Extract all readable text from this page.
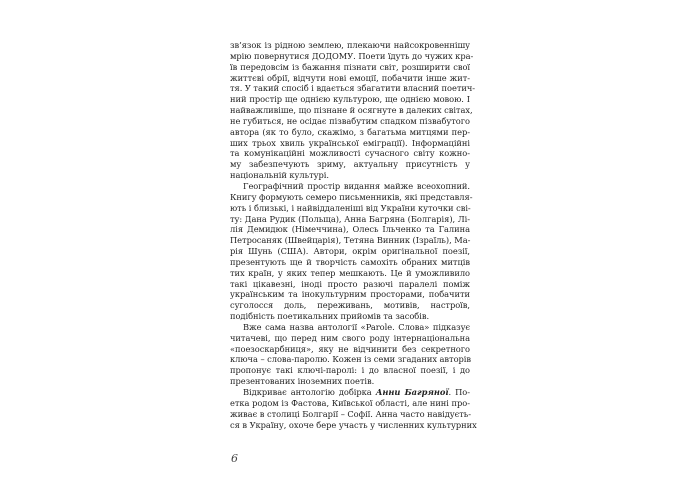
зв’язок із рідною землею, плекаючи найсокровеннішу
мрію повернутися ДОДОМУ. Поети їдуть до чужих кра-
їв передовсім із бажання пізнати світ, розширити свої
життєві обрії, відчути нові емоції, побачити інше жит-
тя. У такий спосіб і вдається збагатити власний поетич-
ний простір ще однією культурою, ще однією мовою. І
найважливіше, що пізнане й осягнуте в далеких світах,
не губиться, не осідає пізвабутим спадком пізвабутого
автора (як то було, скажімо, з багатьма митцями пер-
ших трьох хвиль української еміграції). Інформаційні
та комунікаційні можливості сучасного світу кожно-
му забезпечують зриму, актуальну присутність у
національній культурі.

Географічний простір видання майже всеохопний.
Книгу формують семеро письменників, які представля-
ють і близькі, і найвіддаленіші від України куточки сві-
ту: Дана Рудик (Польща), Анна Багряна (Болгарія), Лі-
лія Демидюк (Німеччина), Олесь Ільченко та Галина
Петросаняк (Швейцарія), Тетяна Винник (Ізраїль), Ма-
рія Шунь (США). Автори, окрім оригінальної поезії,
презентують ще й творчість самохіть обраних митців
тих країн, у яких тепер мешкають. Це й уможливило
такі цікавезні, іноді просто разючі паралелі поміж
українським та інокультурним просторами, побачити
суголосся доль, переживань, мотивів, настроїв,
подібність поетикальних прийомів та засобів.

Вже сама назва антології «Parole. Слова» підказує
читачеві, що перед ним свого роду інтернаціональна
«поезоскарбниця», яку не відчинити без секретного
ключа – слова-паролю. Кожен із семи згаданих авторів
пропонує такі ключі-паролі: і до власної поезії, і до
презентованих іноземних поетів.

Відкриває антологію добірка Анни Багряної. По-
етка родом із Фастова, Київської області, але нині про-
живає в столиці Болгарії – Софії. Анна часто навідуєть-
ся в Україну, охоче бере участь у численних культурних

6
